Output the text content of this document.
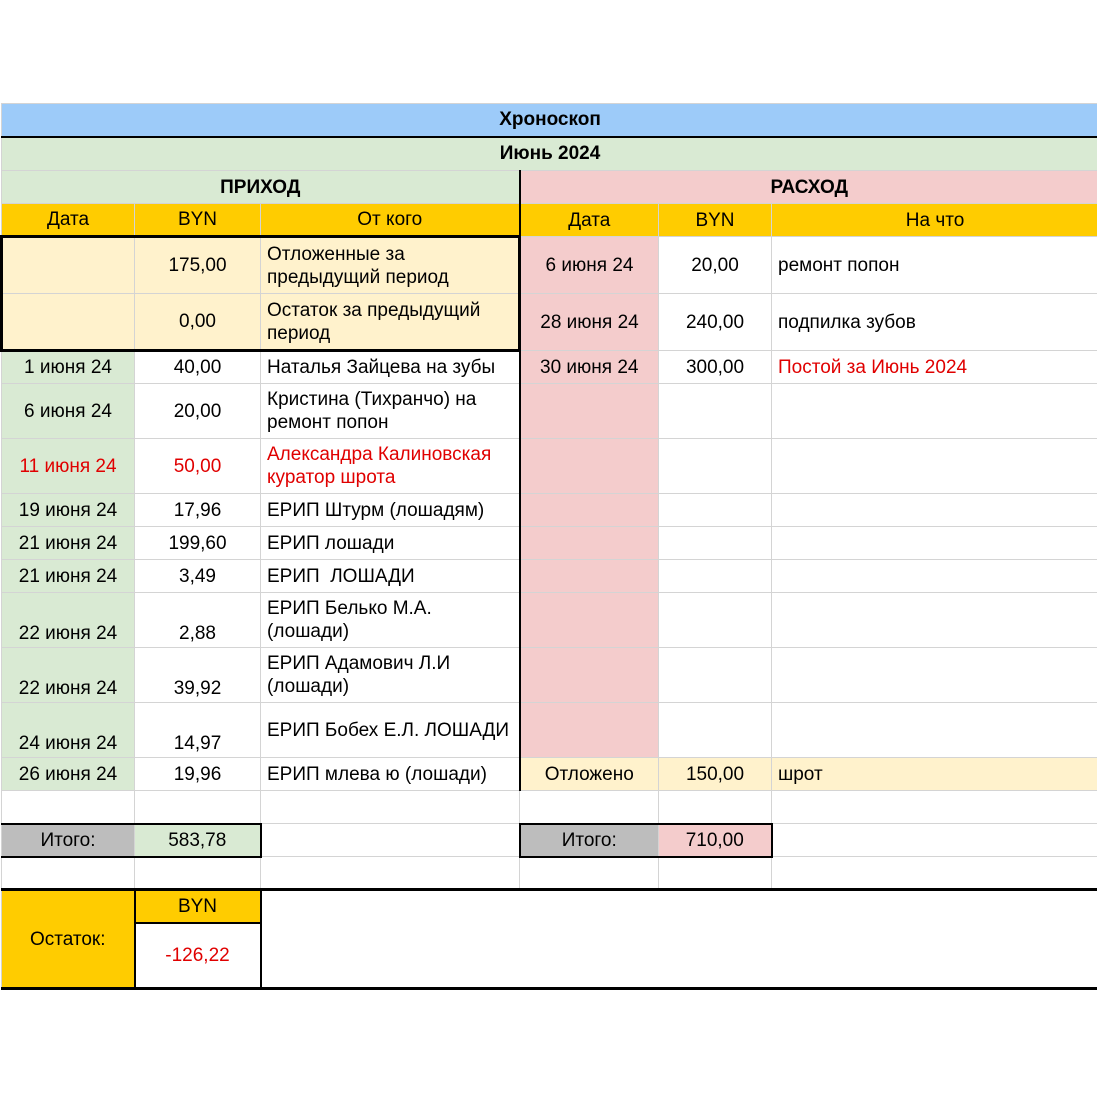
Хроноскоп					
Июнь 2024					
ПРИХОД			РАСХОД		
Дата	BYN	От кого	Дата	BYN	На что
	175,00	Отложенные за предыдущий период	6 июня 24	20,00	ремонт попон
	0,00	Остаток за предыдущий период	28 июня 24	240,00	подпилка зубов
1 июня 24	40,00	Наталья Зайцева на зубы	30 июня 24	300,00	Постой за Июнь 2024
6 июня 24	20,00	Кристина (Тихранчо) на ремонт попон			
11 июня 24	50,00	Александра Калиновская куратор шрота			
19 июня 24	17,96	ЕРИП Штурм (лошадям)			
21 июня 24	199,60	ЕРИП лошади			
21 июня 24	3,49	ЕРИП  ЛОШАДИ			
22 июня 24	2,88	ЕРИП Белько М.А. (лошади)			
22 июня 24	39,92	ЕРИП Адамович Л.И (лошади)			
24 июня 24	14,97	ЕРИП Бобех Е.Л. ЛОШАДИ			
26 июня 24	19,96	ЕРИП млева ю (лошади)	Отложено	150,00	шрот

Итого:	583,78		Итого:	710,00	

Остаток:	BYN				
	-126,22				
